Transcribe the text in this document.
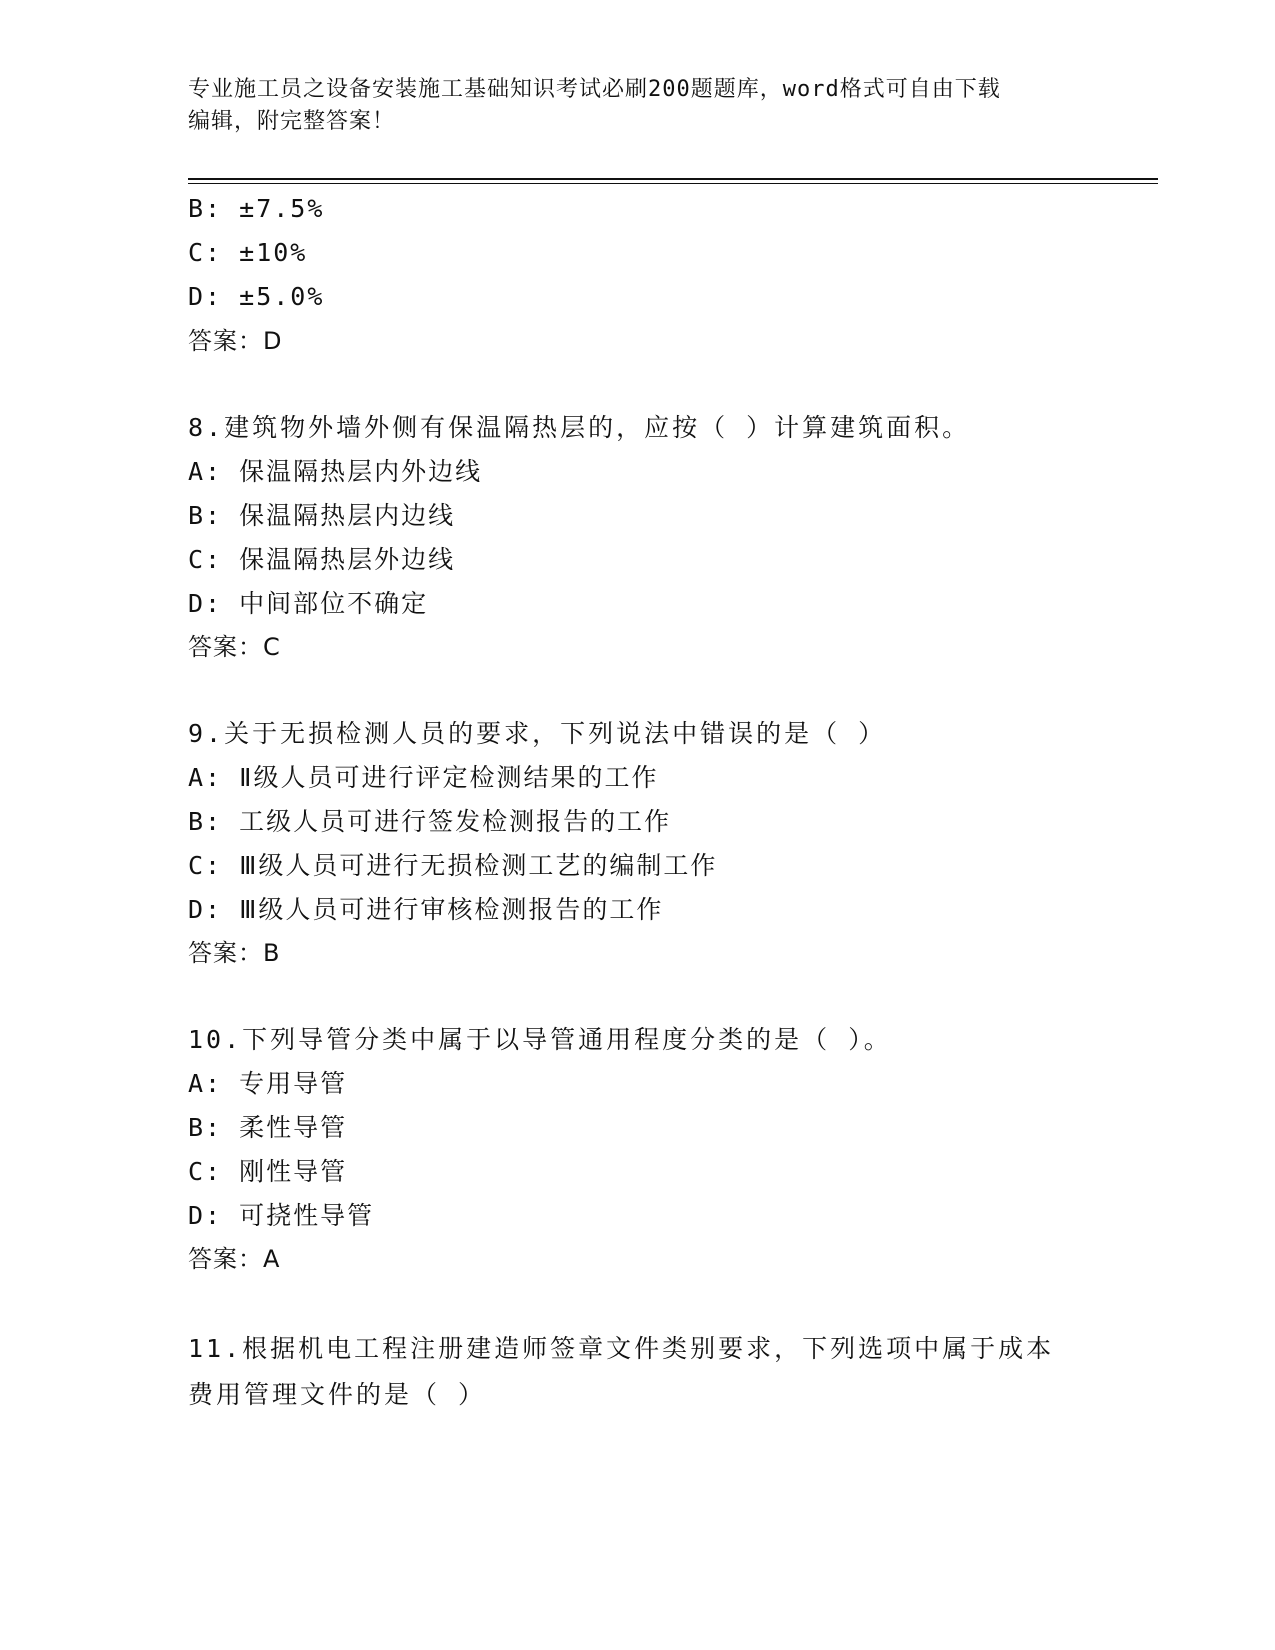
专业施工员之设备安装施工基础知识考试必刷200题题库，word格式可自由下载
编辑，附完整答案！
B: ±7.5%
C: ±10%
D: ±5.0%
答案：D
8.建筑物外墙外侧有保温隔热层的，应按（ ）计算建筑面积。
A: 保温隔热层内外边线
B: 保温隔热层内边线
C: 保温隔热层外边线
D: 中间部位不确定
答案：C
9.关于无损检测人员的要求，下列说法中错误的是（ ）
A: Ⅱ级人员可进行评定检测结果的工作
B: 工级人员可进行签发检测报告的工作
C: Ⅲ级人员可进行无损检测工艺的编制工作
D: Ⅲ级人员可进行审核检测报告的工作
答案：B
10.下列导管分类中属于以导管通用程度分类的是（ ）。
A: 专用导管
B: 柔性导管
C: 刚性导管
D: 可挠性导管
答案：A
11.根据机电工程注册建造师签章文件类别要求，下列选项中属于成本
费用管理文件的是（ ）
